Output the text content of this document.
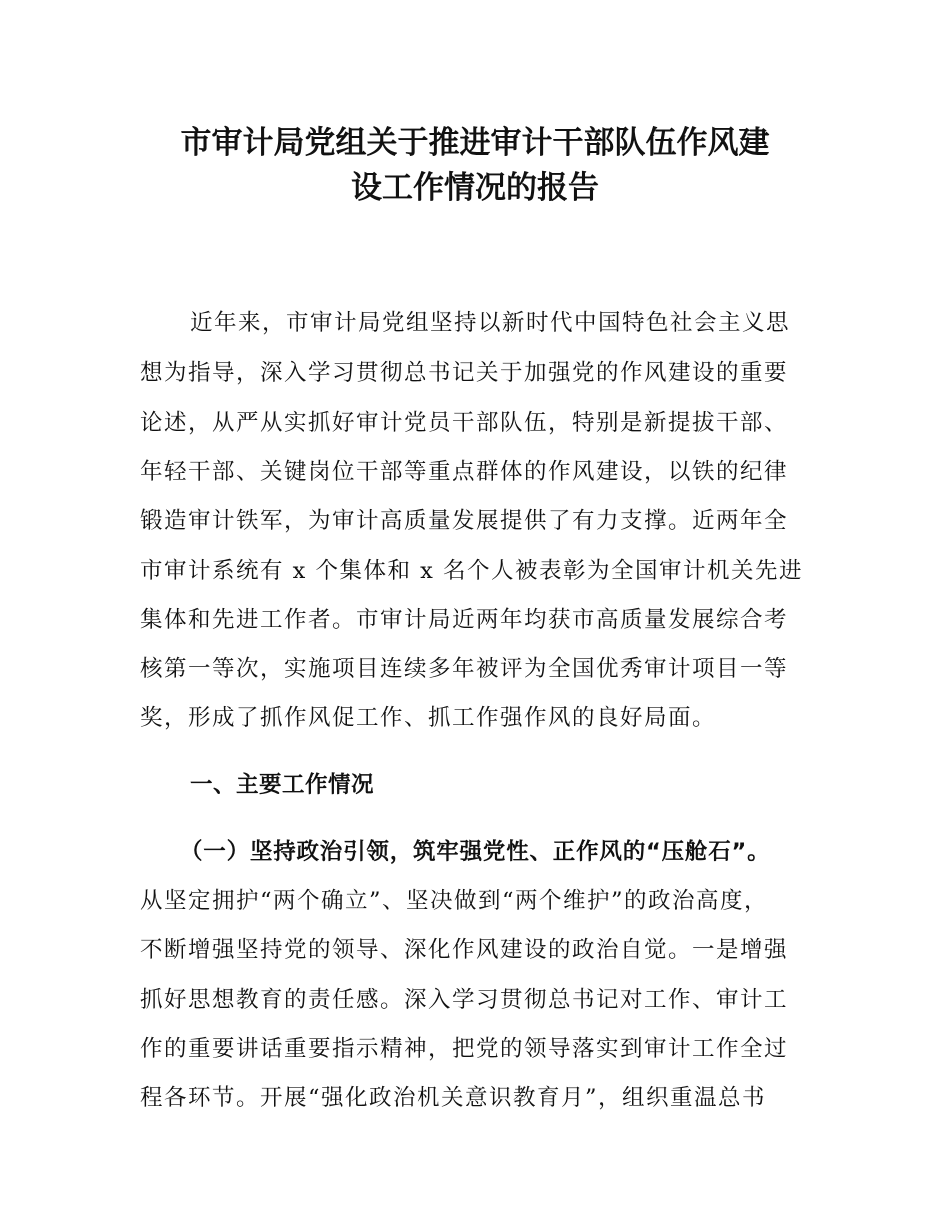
市审计局党组关于推进审计干部队伍作风建
设工作情况的报告

近年来，市审计局党组坚持以新时代中国特色社会主义思

想为指导，深入学习贯彻总书记关于加强党的作风建设的重要

论述，从严从实抓好审计党员干部队伍，特别是新提拔干部、

年轻干部、关键岗位干部等重点群体的作风建设，以铁的纪律

锻造审计铁军，为审计高质量发展提供了有力支撑。近两年全

市审计系统有 x 个集体和 x 名个人被表彰为全国审计机关先进

集体和先进工作者。市审计局近两年均获市高质量发展综合考

核第一等次，实施项目连续多年被评为全国优秀审计项目一等

奖，形成了抓作风促工作、抓工作强作风的良好局面。

一、主要工作情况
（一）坚持政治引领，筑牢强党性、正作风的“压舱石”。

从坚定拥护“两个确立”、坚决做到“两个维护”的政治高度，

不断增强坚持党的领导、深化作风建设的政治自觉。一是增强

抓好思想教育的责任感。深入学习贯彻总书记对工作、审计工

作的重要讲话重要指示精神，把党的领导落实到审计工作全过

程各环节。开展“强化政治机关意识教育月”，组织重温总书
